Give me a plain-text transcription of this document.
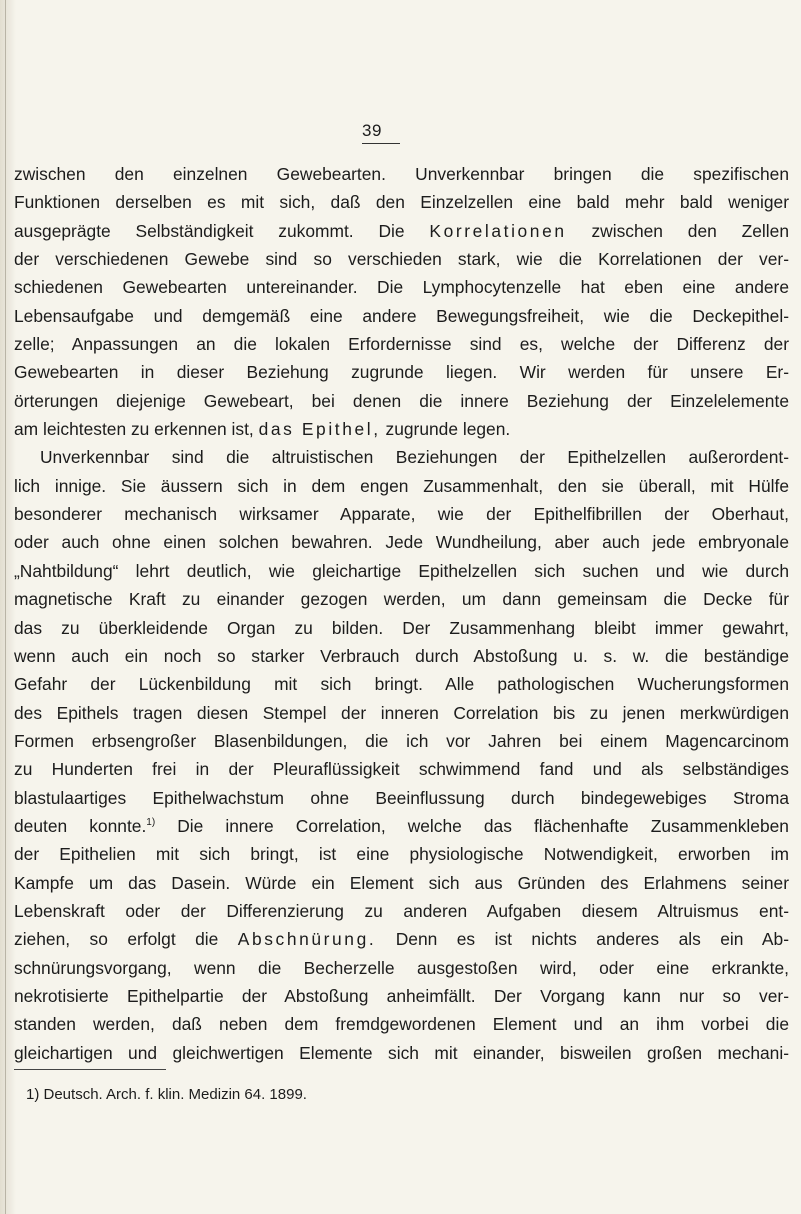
39
zwischen den einzelnen Gewebearten. Unverkennbar bringen die spezifischen
Funktionen derselben es mit sich, daß den Einzelzellen eine bald mehr bald weniger
ausgeprägte Selbständigkeit zukommt. Die Korrelationen zwischen den Zellen
der verschiedenen Gewebe sind so verschieden stark, wie die Korrelationen der ver-
schiedenen Gewebearten untereinander. Die Lymphocytenzelle hat eben eine andere
Lebensaufgabe und demgemäß eine andere Bewegungsfreiheit, wie die Deckepithel-
zelle; Anpassungen an die lokalen Erfordernisse sind es, welche der Differenz der
Gewebearten in dieser Beziehung zugrunde liegen. Wir werden für unsere Er-
örterungen diejenige Gewebeart, bei denen die innere Beziehung der Einzelelemente
am leichtesten zu erkennen ist, das Epithel, zugrunde legen.
Unverkennbar sind die altruistischen Beziehungen der Epithelzellen außerordent-
lich innige. Sie äussern sich in dem engen Zusammenhalt, den sie überall, mit Hülfe
besonderer mechanisch wirksamer Apparate, wie der Epithelfibrillen der Oberhaut,
oder auch ohne einen solchen bewahren. Jede Wundheilung, aber auch jede embryonale
„Nahtbildung“ lehrt deutlich, wie gleichartige Epithelzellen sich suchen und wie durch
magnetische Kraft zu einander gezogen werden, um dann gemeinsam die Decke für
das zu überkleidende Organ zu bilden. Der Zusammenhang bleibt immer gewahrt,
wenn auch ein noch so starker Verbrauch durch Abstoßung u. s. w. die beständige
Gefahr der Lückenbildung mit sich bringt. Alle pathologischen Wucherungsformen
des Epithels tragen diesen Stempel der inneren Correlation bis zu jenen merkwürdigen
Formen erbsengroßer Blasenbildungen, die ich vor Jahren bei einem Magencarcinom
zu Hunderten frei in der Pleuraflüssigkeit schwimmend fand und als selbständiges
blastulaartiges Epithelwachstum ohne Beeinflussung durch bindegewebiges Stroma
deuten konnte.$^{1)}$ Die innere Correlation, welche das flächenhafte Zusammenkleben
der Epithelien mit sich bringt, ist eine physiologische Notwendigkeit, erworben im
Kampfe um das Dasein. Würde ein Element sich aus Gründen des Erlahmens seiner
Lebenskraft oder der Differenzierung zu anderen Aufgaben diesem Altruismus ent-
ziehen, so erfolgt die Abschnürung. Denn es ist nichts anderes als ein Ab-
schnürungsvorgang, wenn die Becherzelle ausgestoßen wird, oder eine erkrankte,
nekrotisierte Epithelpartie der Abstoßung anheimfällt. Der Vorgang kann nur so ver-
standen werden, daß neben dem fremdgewordenen Element und an ihm vorbei die
gleichartigen und gleichwertigen Elemente sich mit einander, bisweilen großen mechani-
1) Deutsch. Arch. f. klin. Medizin 64. 1899.
